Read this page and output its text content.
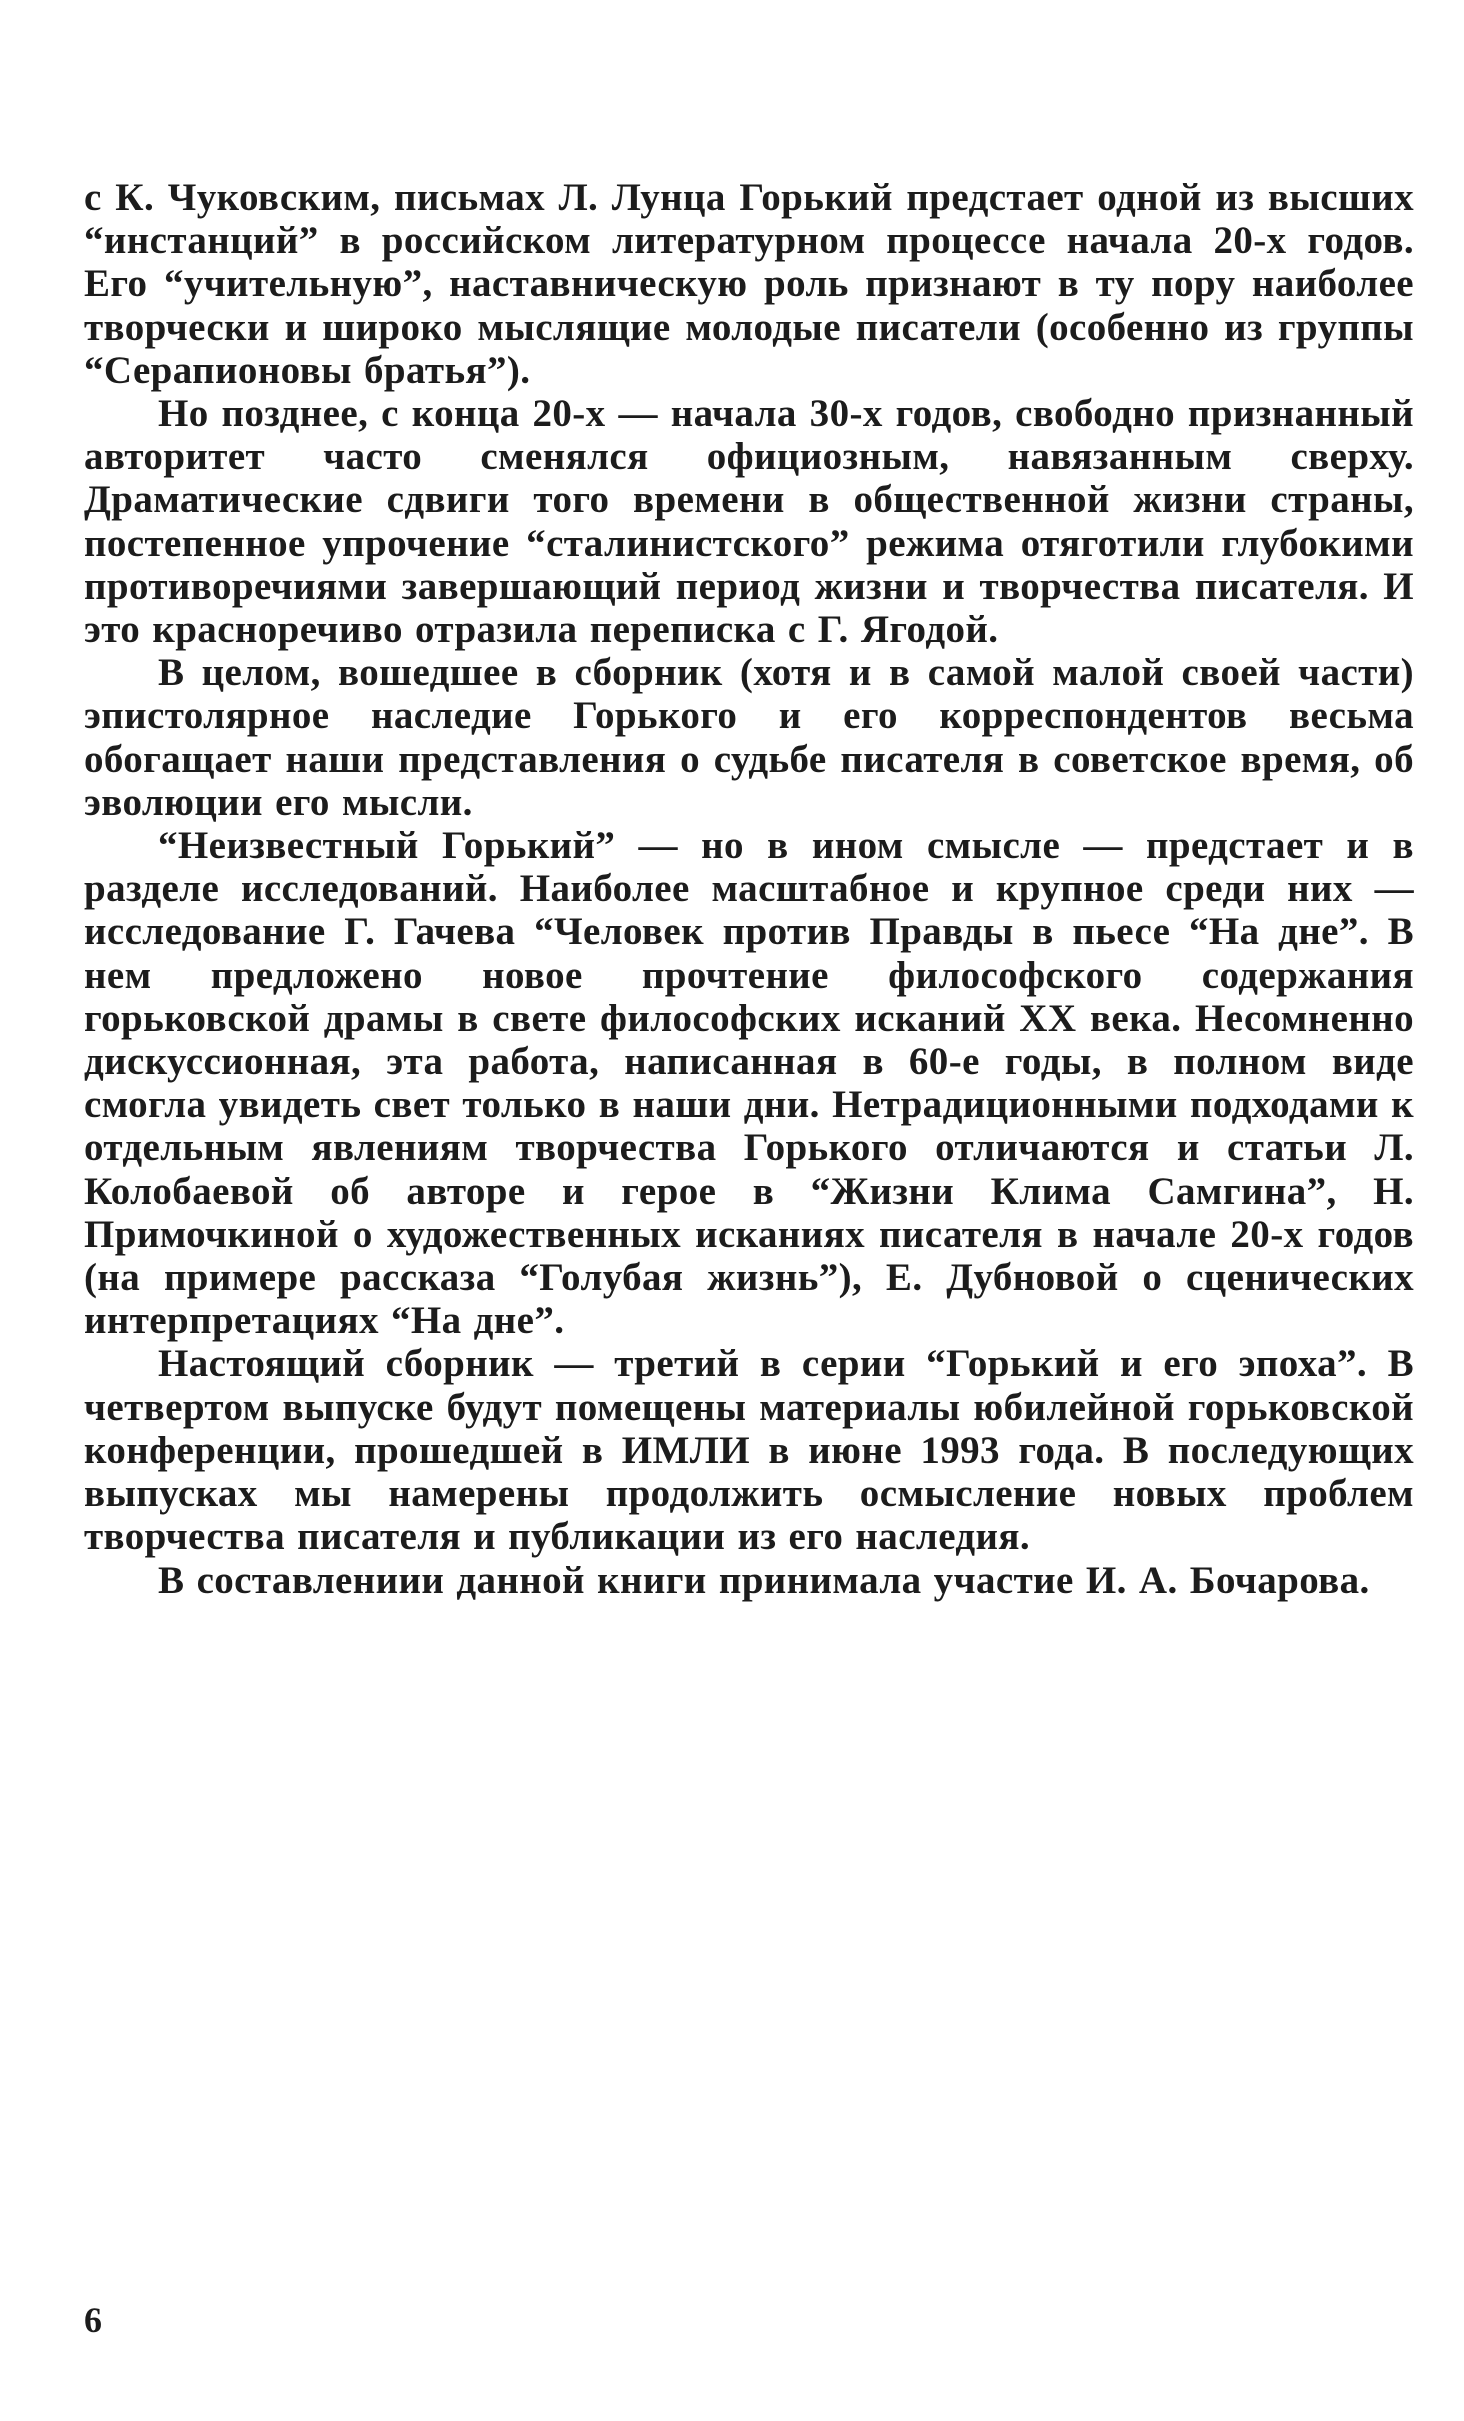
с К. Чуковским, письмах Л. Лунца Горький предстает одной из высших “инстанций” в российском литературном процессе начала 20-х годов. Его “учительную”, наставническую роль признают в ту пору наиболее творчески и широко мыслящие молодые писатели (особенно из группы “Серапионовы братья”).

Но позднее, с конца 20-х — начала 30-х годов, свободно признанный авторитет часто сменялся официозным, навязанным сверху. Драматические сдвиги того времени в общественной жизни страны, постепенное упрочение “сталинистского” режима отяготили глубокими противоречиями завершающий период жизни и творчества писателя. И это красноречиво отразила переписка с Г. Ягодой.

В целом, вошедшее в сборник (хотя и в самой малой своей части) эпистолярное наследие Горького и его корреспондентов весьма обогащает наши представления о судьбе писателя в советское время, об эволюции его мысли.

“Неизвестный Горький” — но в ином смысле — предстает и в разделе исследований. Наиболее масштабное и крупное среди них — исследование Г. Гачева “Человек против Правды в пьесе “На дне”. В нем предложено новое прочтение философского содержания горьковской драмы в свете философских исканий XX века. Несомненно дискуссионная, эта работа, написанная в 60-е годы, в полном виде смогла увидеть свет только в наши дни. Нетрадиционными подходами к отдельным явлениям творчества Горького отличаются и статьи Л. Колобаевой об авторе и герое в “Жизни Клима Самгина”, Н. Примочкиной о художественных исканиях писателя в начале 20-х годов (на примере рассказа “Голубая жизнь”), Е. Дубновой о сценических интерпретациях “На дне”.

Настоящий сборник — третий в серии “Горький и его эпоха”. В четвертом выпуске будут помещены материалы юбилейной горьковской конференции, прошедшей в ИМЛИ в июне 1993 года. В последующих выпусках мы намерены продолжить осмысление новых проблем творчества писателя и публикации из его наследия.

В составлениии данной книги принимала участие И. А. Бочарова.

6
